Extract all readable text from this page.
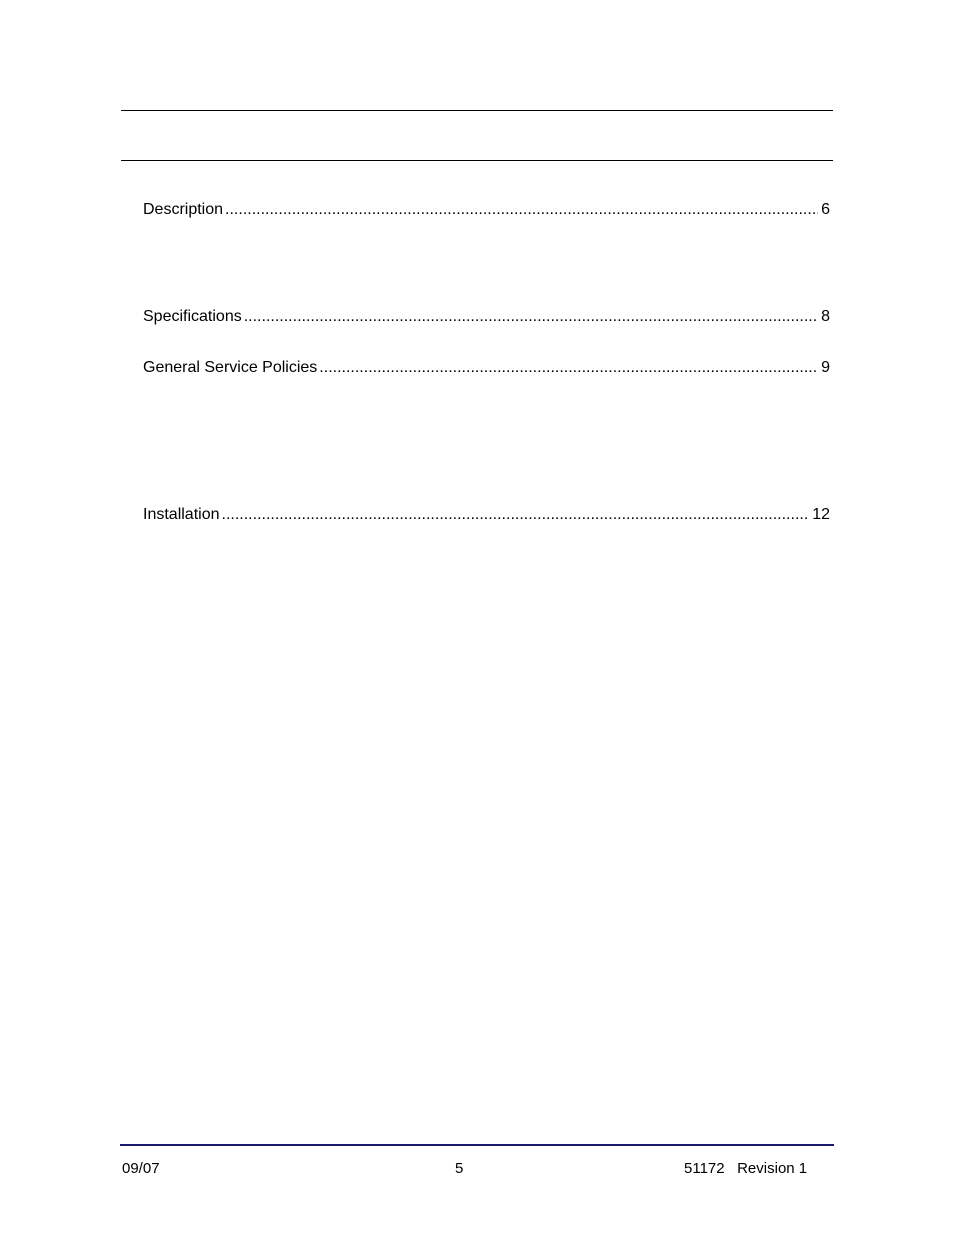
Description .....	6
Specifications .....	8
General Service Policies .....	9
Installation .....	12
09/07	5	51172   Revision 1
